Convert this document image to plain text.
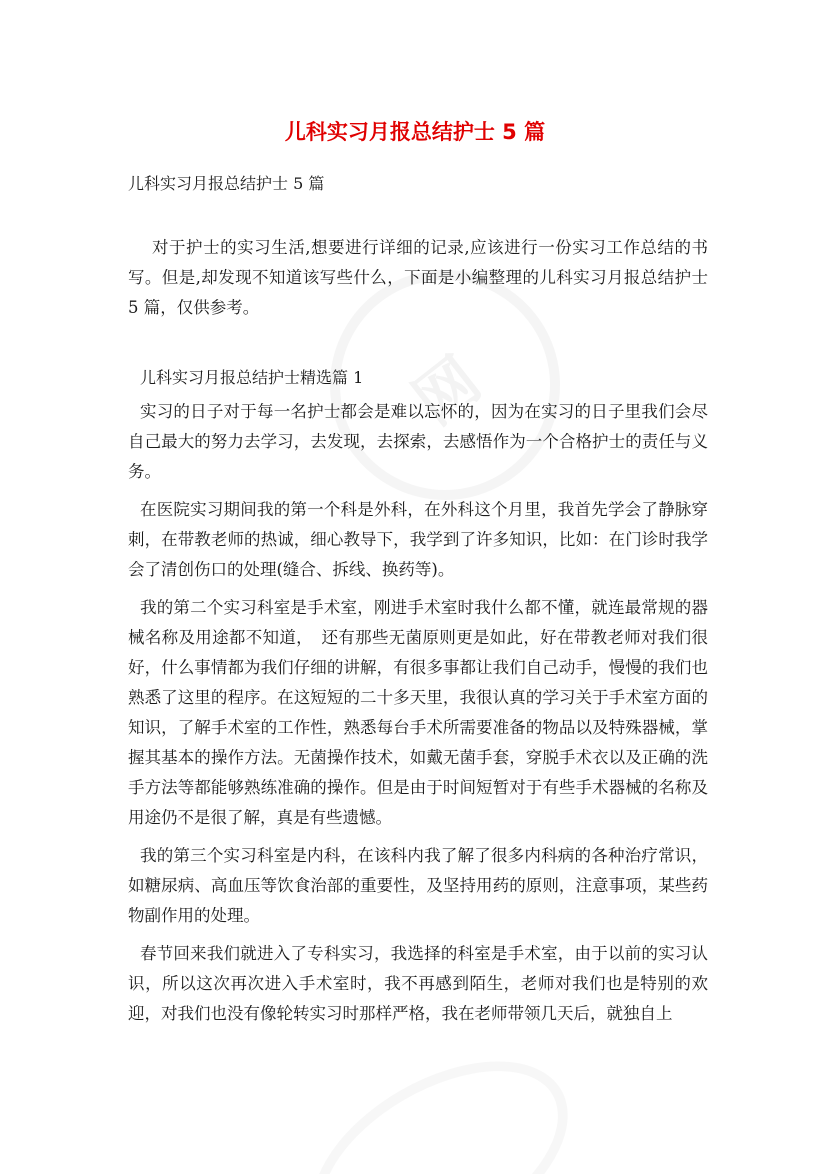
网
儿科实习月报总结护士 5 篇

儿科实习月报总结护士 5 篇

对于护士的实习生活,想要进行详细的记录,应该进行一份实习工作总结的书写。但是,却发现不知道该写些什么，下面是小编整理的儿科实习月报总结护士 5 篇，仅供参考。

儿科实习月报总结护士精选篇 1

实习的日子对于每一名护士都会是难以忘怀的，因为在实习的日子里我们会尽自己最大的努力去学习，去发现，去探索，去感悟作为一个合格护士的责任与义务。

在医院实习期间我的第一个科是外科，在外科这个月里，我首先学会了静脉穿刺，在带教老师的热诚，细心教导下，我学到了许多知识，比如：在门诊时我学会了清创伤口的处理(缝合、拆线、换药等)。

我的第二个实习科室是手术室，刚进手术室时我什么都不懂，就连最常规的器械名称及用途都不知道，　还有那些无菌原则更是如此，好在带教老师对我们很好，什么事情都为我们仔细的讲解，有很多事都让我们自己动手，慢慢的我们也熟悉了这里的程序。在这短短的二十多天里，我很认真的学习关于手术室方面的知识，了解手术室的工作性，熟悉每台手术所需要准备的物品以及特殊器械，掌握其基本的操作方法。无菌操作技术，如戴无菌手套，穿脱手术衣以及正确的洗手方法等都能够熟练准确的操作。但是由于时间短暂对于有些手术器械的名称及用途仍不是很了解，真是有些遗憾。

我的第三个实习科室是内科，在该科内我了解了很多内科病的各种治疗常识，如糖尿病、高血压等饮食治部的重要性，及坚持用药的原则，注意事项，某些药物副作用的处理。

春节回来我们就进入了专科实习，我选择的科室是手术室，由于以前的实习认识，所以这次再次进入手术室时，我不再感到陌生，老师对我们也是特别的欢迎，对我们也没有像轮转实习时那样严格，我在老师带领几天后，就独自上
